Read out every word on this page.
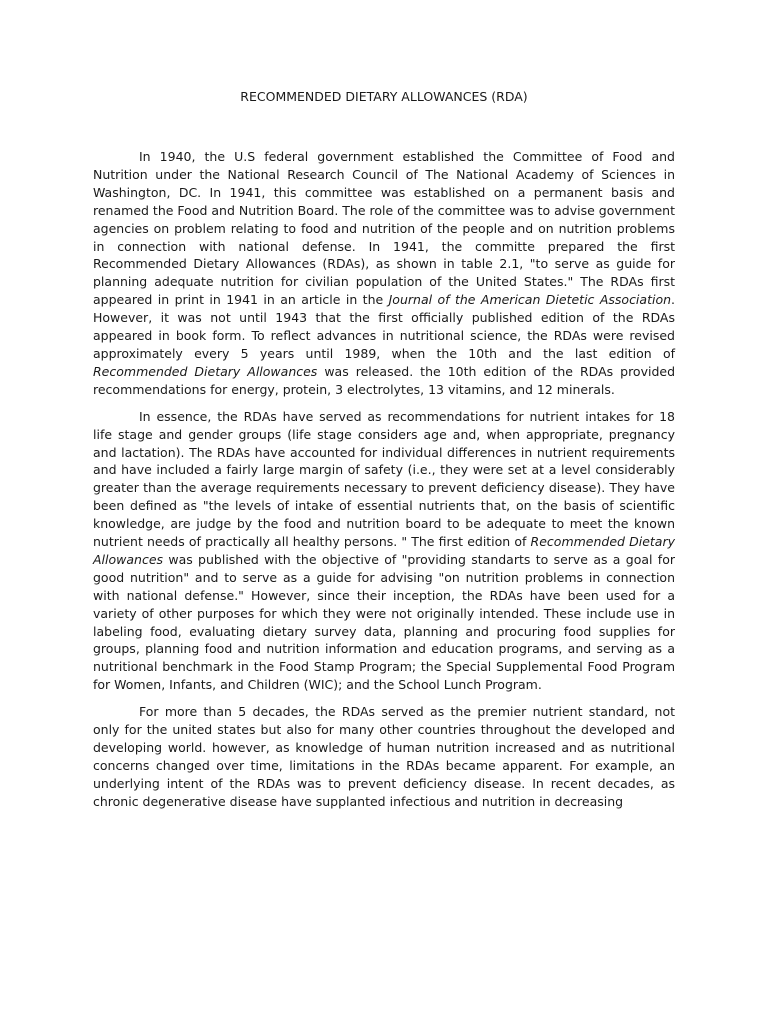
RECOMMENDED DIETARY ALLOWANCES (RDA)

In 1940, the U.S federal government established the Committee of Food and Nutrition under the National Research Council of The National Academy of Sciences in Washington, DC. In 1941, this committee was established on a permanent basis and renamed the Food and Nutrition Board. The role of the committee was to advise government agencies on problem relating to food and nutrition of the people and on nutrition problems in connection with national defense. In 1941, the committe prepared the first Recommended Dietary Allowances (RDAs), as shown in table 2.1, "to serve as guide for planning adequate nutrition for civilian population of the United States." The RDAs first appeared in print in 1941 in an article in the Journal of the American Dietetic Association. However, it was not until 1943 that the first officially published edition of the RDAs appeared in book form. To reflect advances in nutritional science, the RDAs were revised approximately every 5 years until 1989, when the 10th and the last edition of Recommended Dietary Allowances was released. the 10th edition of the RDAs provided recommendations for energy, protein, 3 electrolytes, 13 vitamins, and 12 minerals.

In essence, the RDAs have served as recommendations for nutrient intakes for 18 life stage and gender groups (life stage considers age and, when appropriate, pregnancy and lactation). The RDAs have accounted for individual differences in nutrient requirements and have included a fairly large margin of safety (i.e., they were set at a level considerably greater than the average requirements necessary to prevent deficiency disease). They have been defined as "the levels of intake of essential nutrients that, on the basis of scientific knowledge, are judge by the food and nutrition board to be adequate to meet the known nutrient needs of practically all healthy persons. " The first edition of Recommended Dietary Allowances was published with the objective of "providing standarts to serve as a goal for good nutrition" and to serve as a guide for advising "on nutrition problems in connection with national defense." However, since their inception, the RDAs have been used for a variety of other purposes for which they were not originally intended. These include use in labeling food, evaluating dietary survey data, planning and procuring food supplies for groups, planning food and nutrition information and education programs, and serving as a nutritional benchmark in the Food Stamp Program; the Special Supplemental Food Program for Women, Infants, and Children (WIC); and the School Lunch Program.

For more than 5 decades, the RDAs served as the premier nutrient standard, not only for the united states but also for many other countries throughout the developed and developing world. however, as knowledge of human nutrition increased and as nutritional concerns changed over time, limitations in the RDAs became apparent. For example, an underlying intent of the RDAs was to prevent deficiency disease. In recent decades, as chronic degenerative disease have supplanted infectious and nutrition in decreasing
